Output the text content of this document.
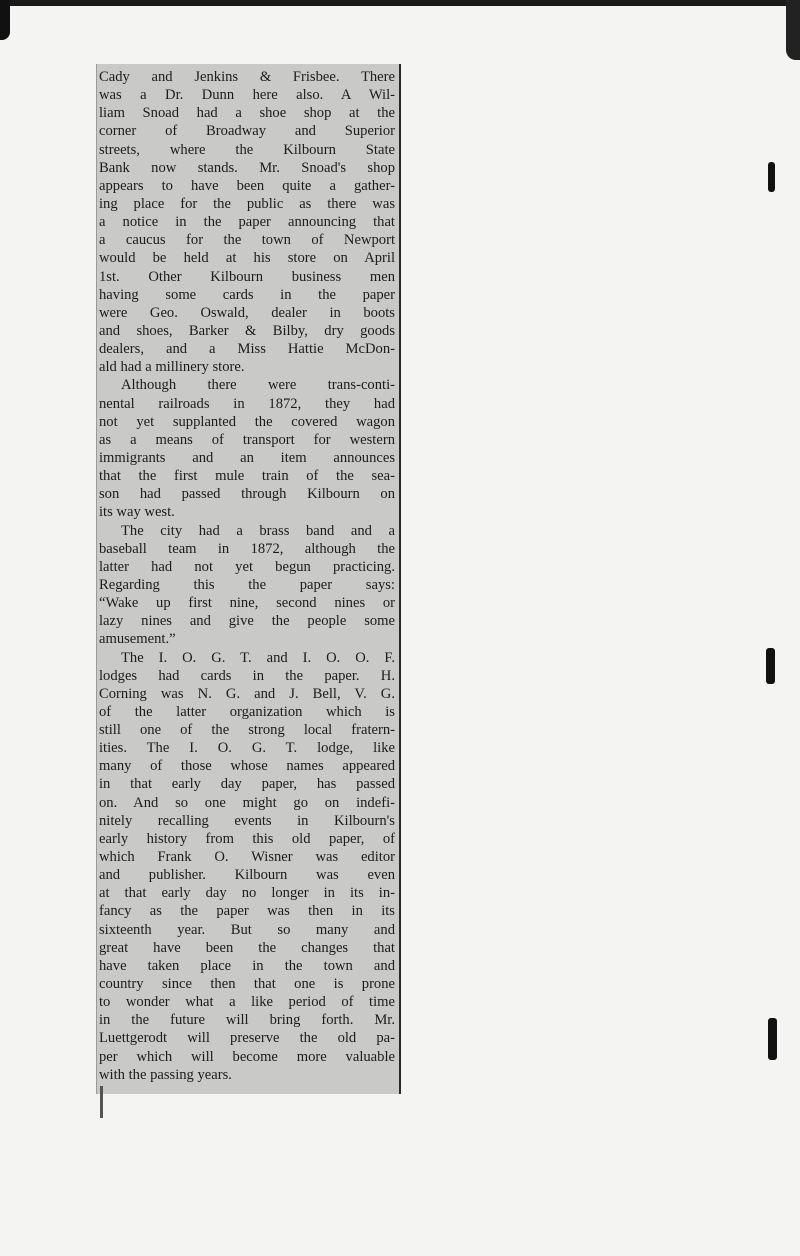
Cady and Jenkins & Frisbee. There
was a Dr. Dunn here also. A Wil-
liam Snoad had a shoe shop at the
corner of Broadway and Superior
streets, where the Kilbourn State
Bank now stands. Mr. Snoad's shop
appears to have been quite a gather-
ing place for the public as there was
a notice in the paper announcing that
a caucus for the town of Newport
would be held at his store on April
1st. Other Kilbourn business men
having some cards in the paper
were Geo. Oswald, dealer in boots
and shoes, Barker & Bilby, dry goods
dealers, and a Miss Hattie McDon-
ald had a millinery store.

Although there were trans-conti-
nental railroads in 1872, they had
not yet supplanted the covered wagon
as a means of transport for western
immigrants and an item announces
that the first mule train of the sea-
son had passed through Kilbourn on
its way west.

The city had a brass band and a
baseball team in 1872, although the
latter had not yet begun practicing.
Regarding this the paper says:
“Wake up first nine, second nines or
lazy nines and give the people some
amusement.”

The I. O. G. T. and I. O. O. F.
lodges had cards in the paper. H.
Corning was N. G. and J. Bell, V. G.
of the latter organization which is
still one of the strong local fratern-
ities. The I. O. G. T. lodge, like
many of those whose names appeared
in that early day paper, has passed
on. And so one might go on indefi-
nitely recalling events in Kilbourn's
early history from this old paper, of
which Frank O. Wisner was editor
and publisher. Kilbourn was even
at that early day no longer in its in-
fancy as the paper was then in its
sixteenth year. But so many and
great have been the changes that
have taken place in the town and
country since then that one is prone
to wonder what a like period of time
in the future will bring forth. Mr.
Luettgerodt will preserve the old pa-
per which will become more valuable
with the passing years.
